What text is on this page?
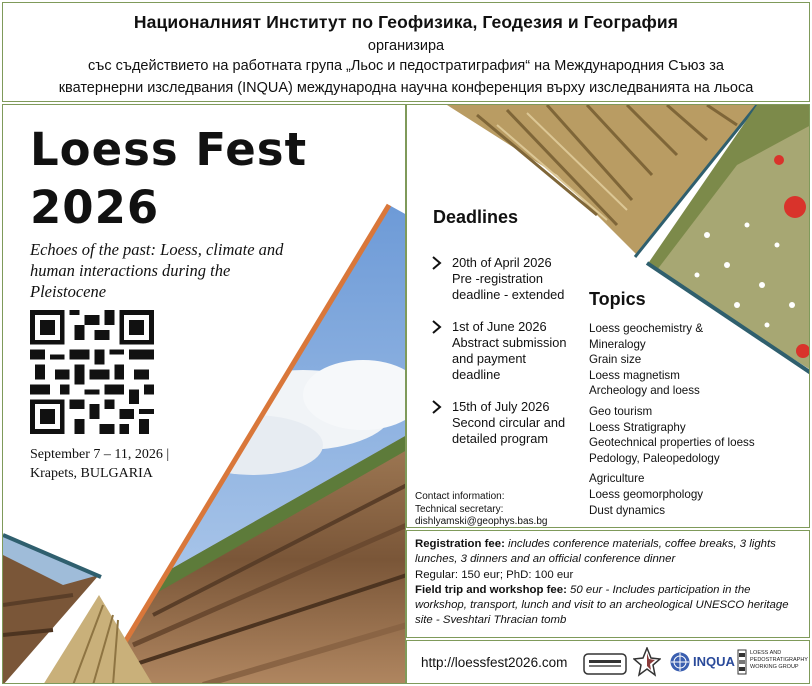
Националният Институт по Геофизика, Геодезия и География
организира
със съдействието на работната група „Льос и педостратиграфия“ на Международния Съюз за
кватернерни изследвания (INQUA) международна научна конференция върху изследванията на льоса
Loess Fest
2026
Echoes of the past: Loess, climate and human interactions during the Pleistocene
September 7 – 11, 2026 |
Krapets, BULGARIA
Deadlines
20th of April 2026
Pre -registration
deadline - extended
1st of June 2026
Abstract submission
and payment
deadline
15th of July 2026
Second circular and
detailed program
Topics
Loess geochemistry &
Mineralogy
Grain size
Loess magnetism
Archeology and loess
Geo tourism
Loess Stratigraphy
Geotechnical properties of loess
Pedology, Paleopedology
Agriculture
Loess geomorphology
Dust dynamics
Contact information:
Technical secretary:
dishlyamski@geophys.bas.bg
Registration fee: includes conference materials, coffee breaks, 3 lights lunches, 3 dinners and an official conference dinner
Regular: 150 eur; PhD: 100 eur
Field trip and workshop fee: 50 eur - Includes participation in the workshop, transport, lunch and visit to an archeological UNESCO heritage site - Sveshtari Thracian tomb
http://loessfest2026.com	INQUA
LOESS AND
PEDOSTRATIGRAPHY
WORKING GROUP
